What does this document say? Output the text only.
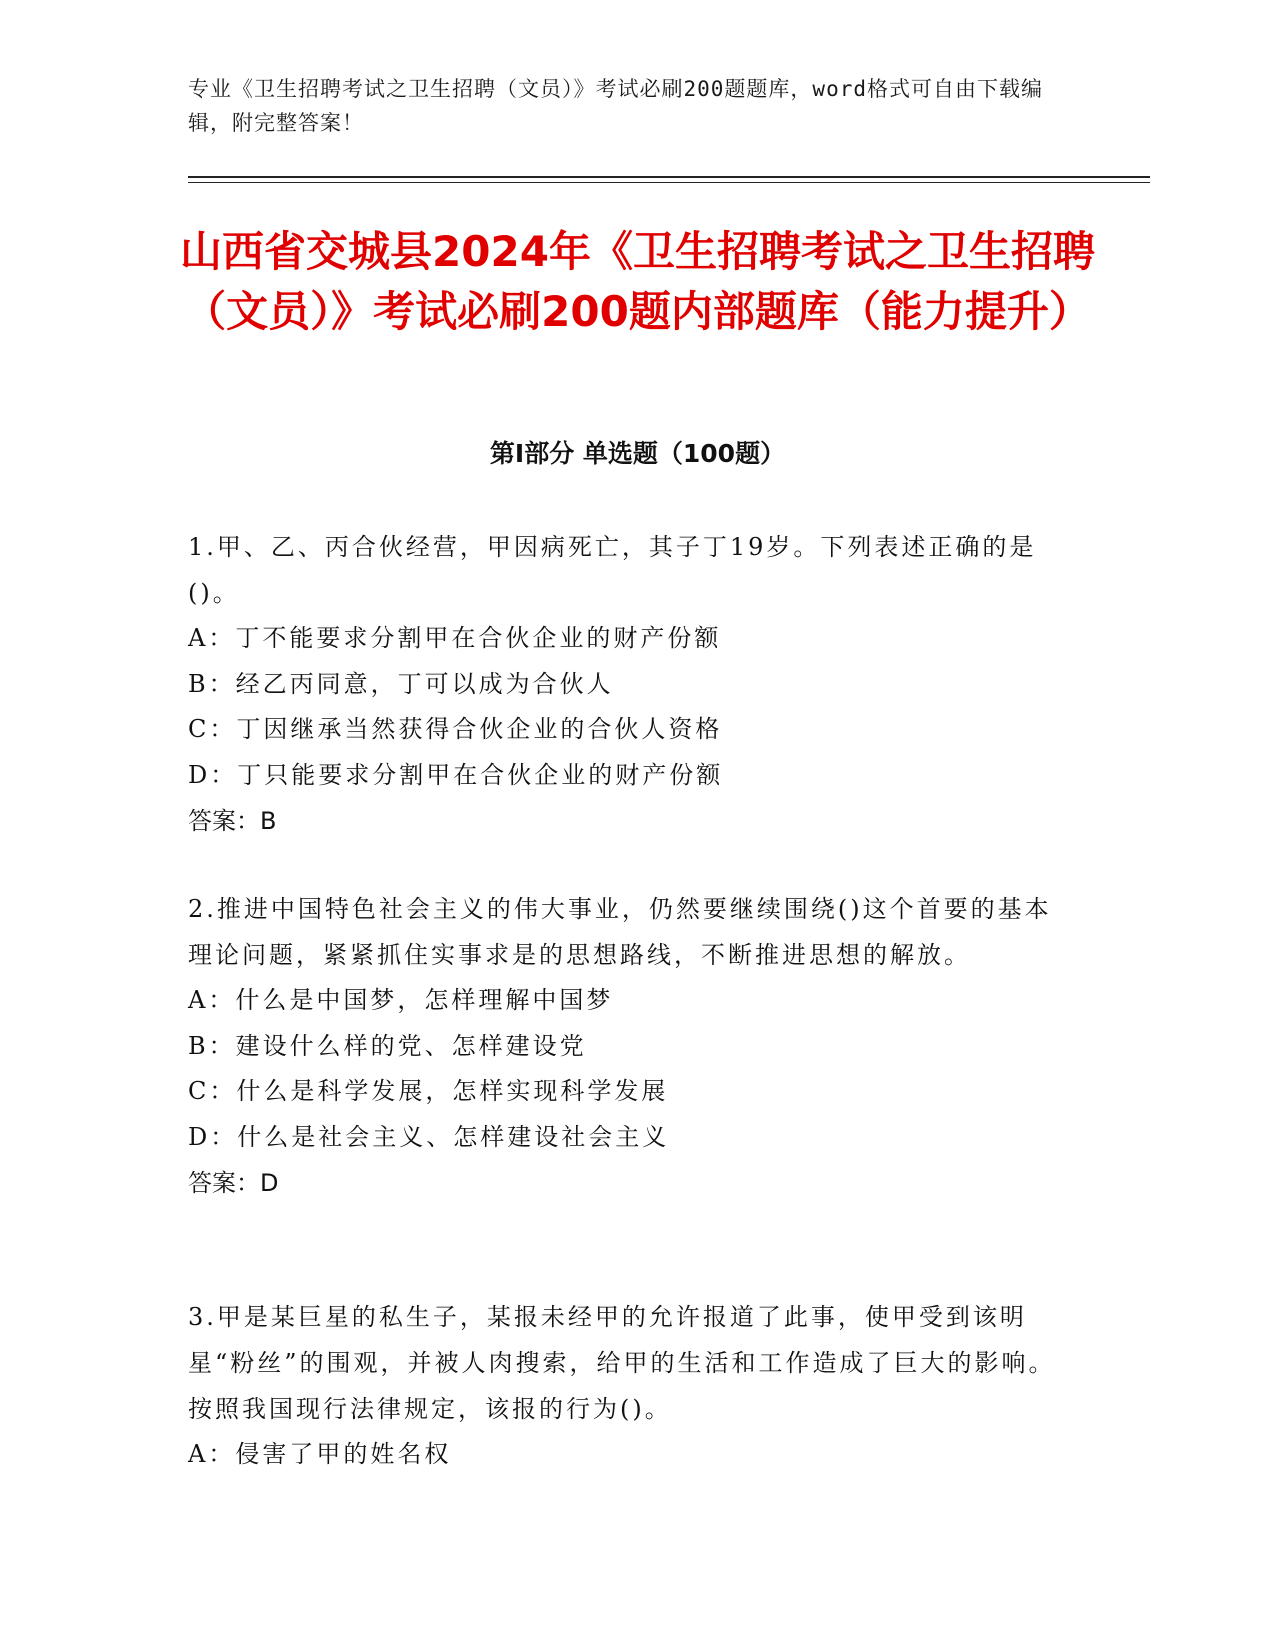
专业《卫生招聘考试之卫生招聘（文员）》考试必刷200题题库，word格式可自由下载编辑，附完整答案！
山西省交城县2024年《卫生招聘考试之卫生招聘（文员）》考试必刷200题内部题库（能力提升）
第Ⅰ部分 单选题（100题）

1.甲、乙、丙合伙经营，甲因病死亡，其子丁19岁。下列表述正确的是()。

A：丁不能要求分割甲在合伙企业的财产份额

B：经乙丙同意，丁可以成为合伙人

C：丁因继承当然获得合伙企业的合伙人资格

D：丁只能要求分割甲在合伙企业的财产份额

答案：B

2.推进中国特色社会主义的伟大事业，仍然要继续围绕()这个首要的基本理论问题，紧紧抓住实事求是的思想路线，不断推进思想的解放。

A：什么是中国梦，怎样理解中国梦

B：建设什么样的党、怎样建设党

C：什么是科学发展，怎样实现科学发展

D：什么是社会主义、怎样建设社会主义

答案：D

3.甲是某巨星的私生子，某报未经甲的允许报道了此事，使甲受到该明星“粉丝”的围观，并被人肉搜索，给甲的生活和工作造成了巨大的影响。按照我国现行法律规定，该报的行为()。

A：侵害了甲的姓名权
